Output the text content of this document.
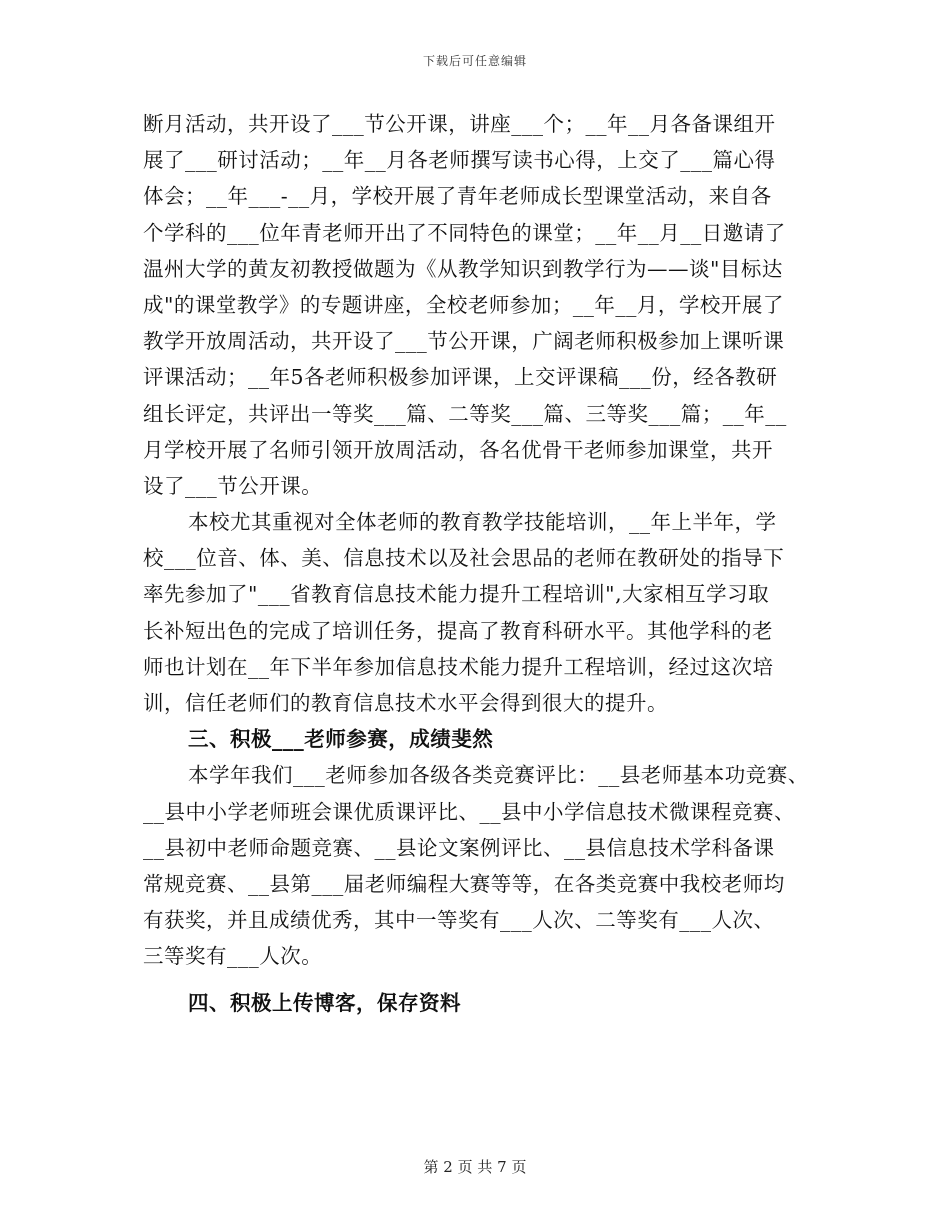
下载后可任意编辑
断月活动，共开设了___节公开课，讲座___个；__年__月各备课组开
展了___研讨活动；__年__月各老师撰写读书心得，上交了___篇心得
体会；__年___-__月，学校开展了青年老师成长型课堂活动，来自各
个学科的___位年青老师开出了不同特色的课堂；__年__月__日邀请了
温州大学的黄友初教授做题为《从教学知识到教学行为——谈"目标达
成"的课堂教学》的专题讲座，全校老师参加；__年__月，学校开展了
教学开放周活动，共开设了___节公开课，广阔老师积极参加上课听课
评课活动；__年5各老师积极参加评课，上交评课稿___份，经各教研
组长评定，共评出一等奖___篇、二等奖___篇、三等奖___篇；__年__
月学校开展了名师引领开放周活动，各名优骨干老师参加课堂，共开
设了___节公开课。
本校尤其重视对全体老师的教育教学技能培训，__年上半年，学
校___位音、体、美、信息技术以及社会思品的老师在教研处的指导下
率先参加了"___省教育信息技术能力提升工程培训",大家相互学习取
长补短出色的完成了培训任务，提高了教育科研水平。其他学科的老
师也计划在__年下半年参加信息技术能力提升工程培训，经过这次培
训，信任老师们的教育信息技术水平会得到很大的提升。
三、积极___老师参赛，成绩斐然
本学年我们___老师参加各级各类竞赛评比：__县老师基本功竞赛、
__县中小学老师班会课优质课评比、__县中小学信息技术微课程竞赛、
__县初中老师命题竞赛、__县论文案例评比、__县信息技术学科备课
常规竞赛、__县第___届老师编程大赛等等，在各类竞赛中我校老师均
有获奖，并且成绩优秀，其中一等奖有___人次、二等奖有___人次、
三等奖有___人次。
四、积极上传博客，保存资料
第 2 页 共 7 页
